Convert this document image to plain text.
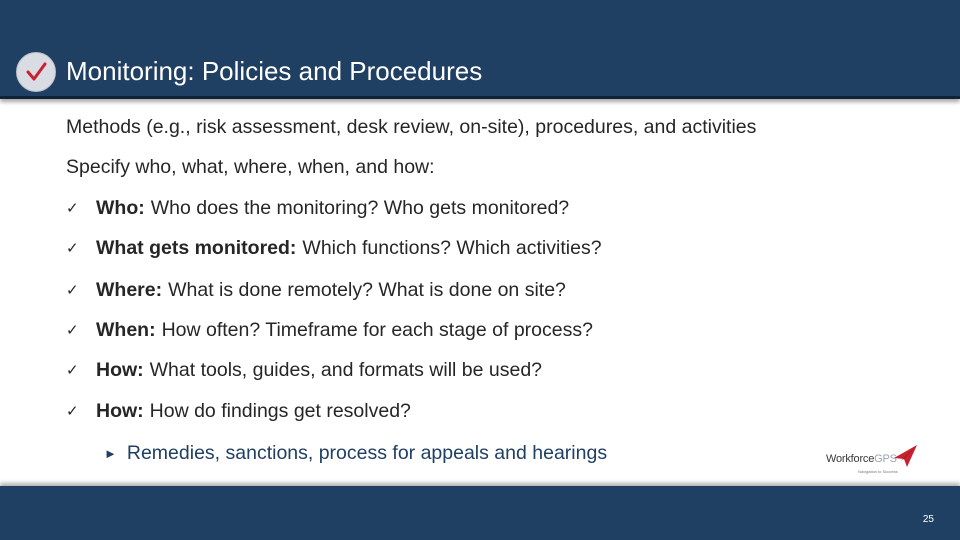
Monitoring: Policies and Procedures
Methods (e.g., risk assessment, desk review, on-site), procedures, and activities
Specify who, what, where, when, and how:
✓ Who: Who does the monitoring? Who gets monitored?
✓ What gets monitored: Which functions? Which activities?
✓ Where: What is done remotely? What is done on site?
✓ When: How often? Timeframe for each stage of process?
✓ How: What tools, guides, and formats will be used?
✓ How: How do findings get resolved?
► Remedies, sanctions, process for appeals and hearings	WorkforceGPS
Navigation to Success
25
